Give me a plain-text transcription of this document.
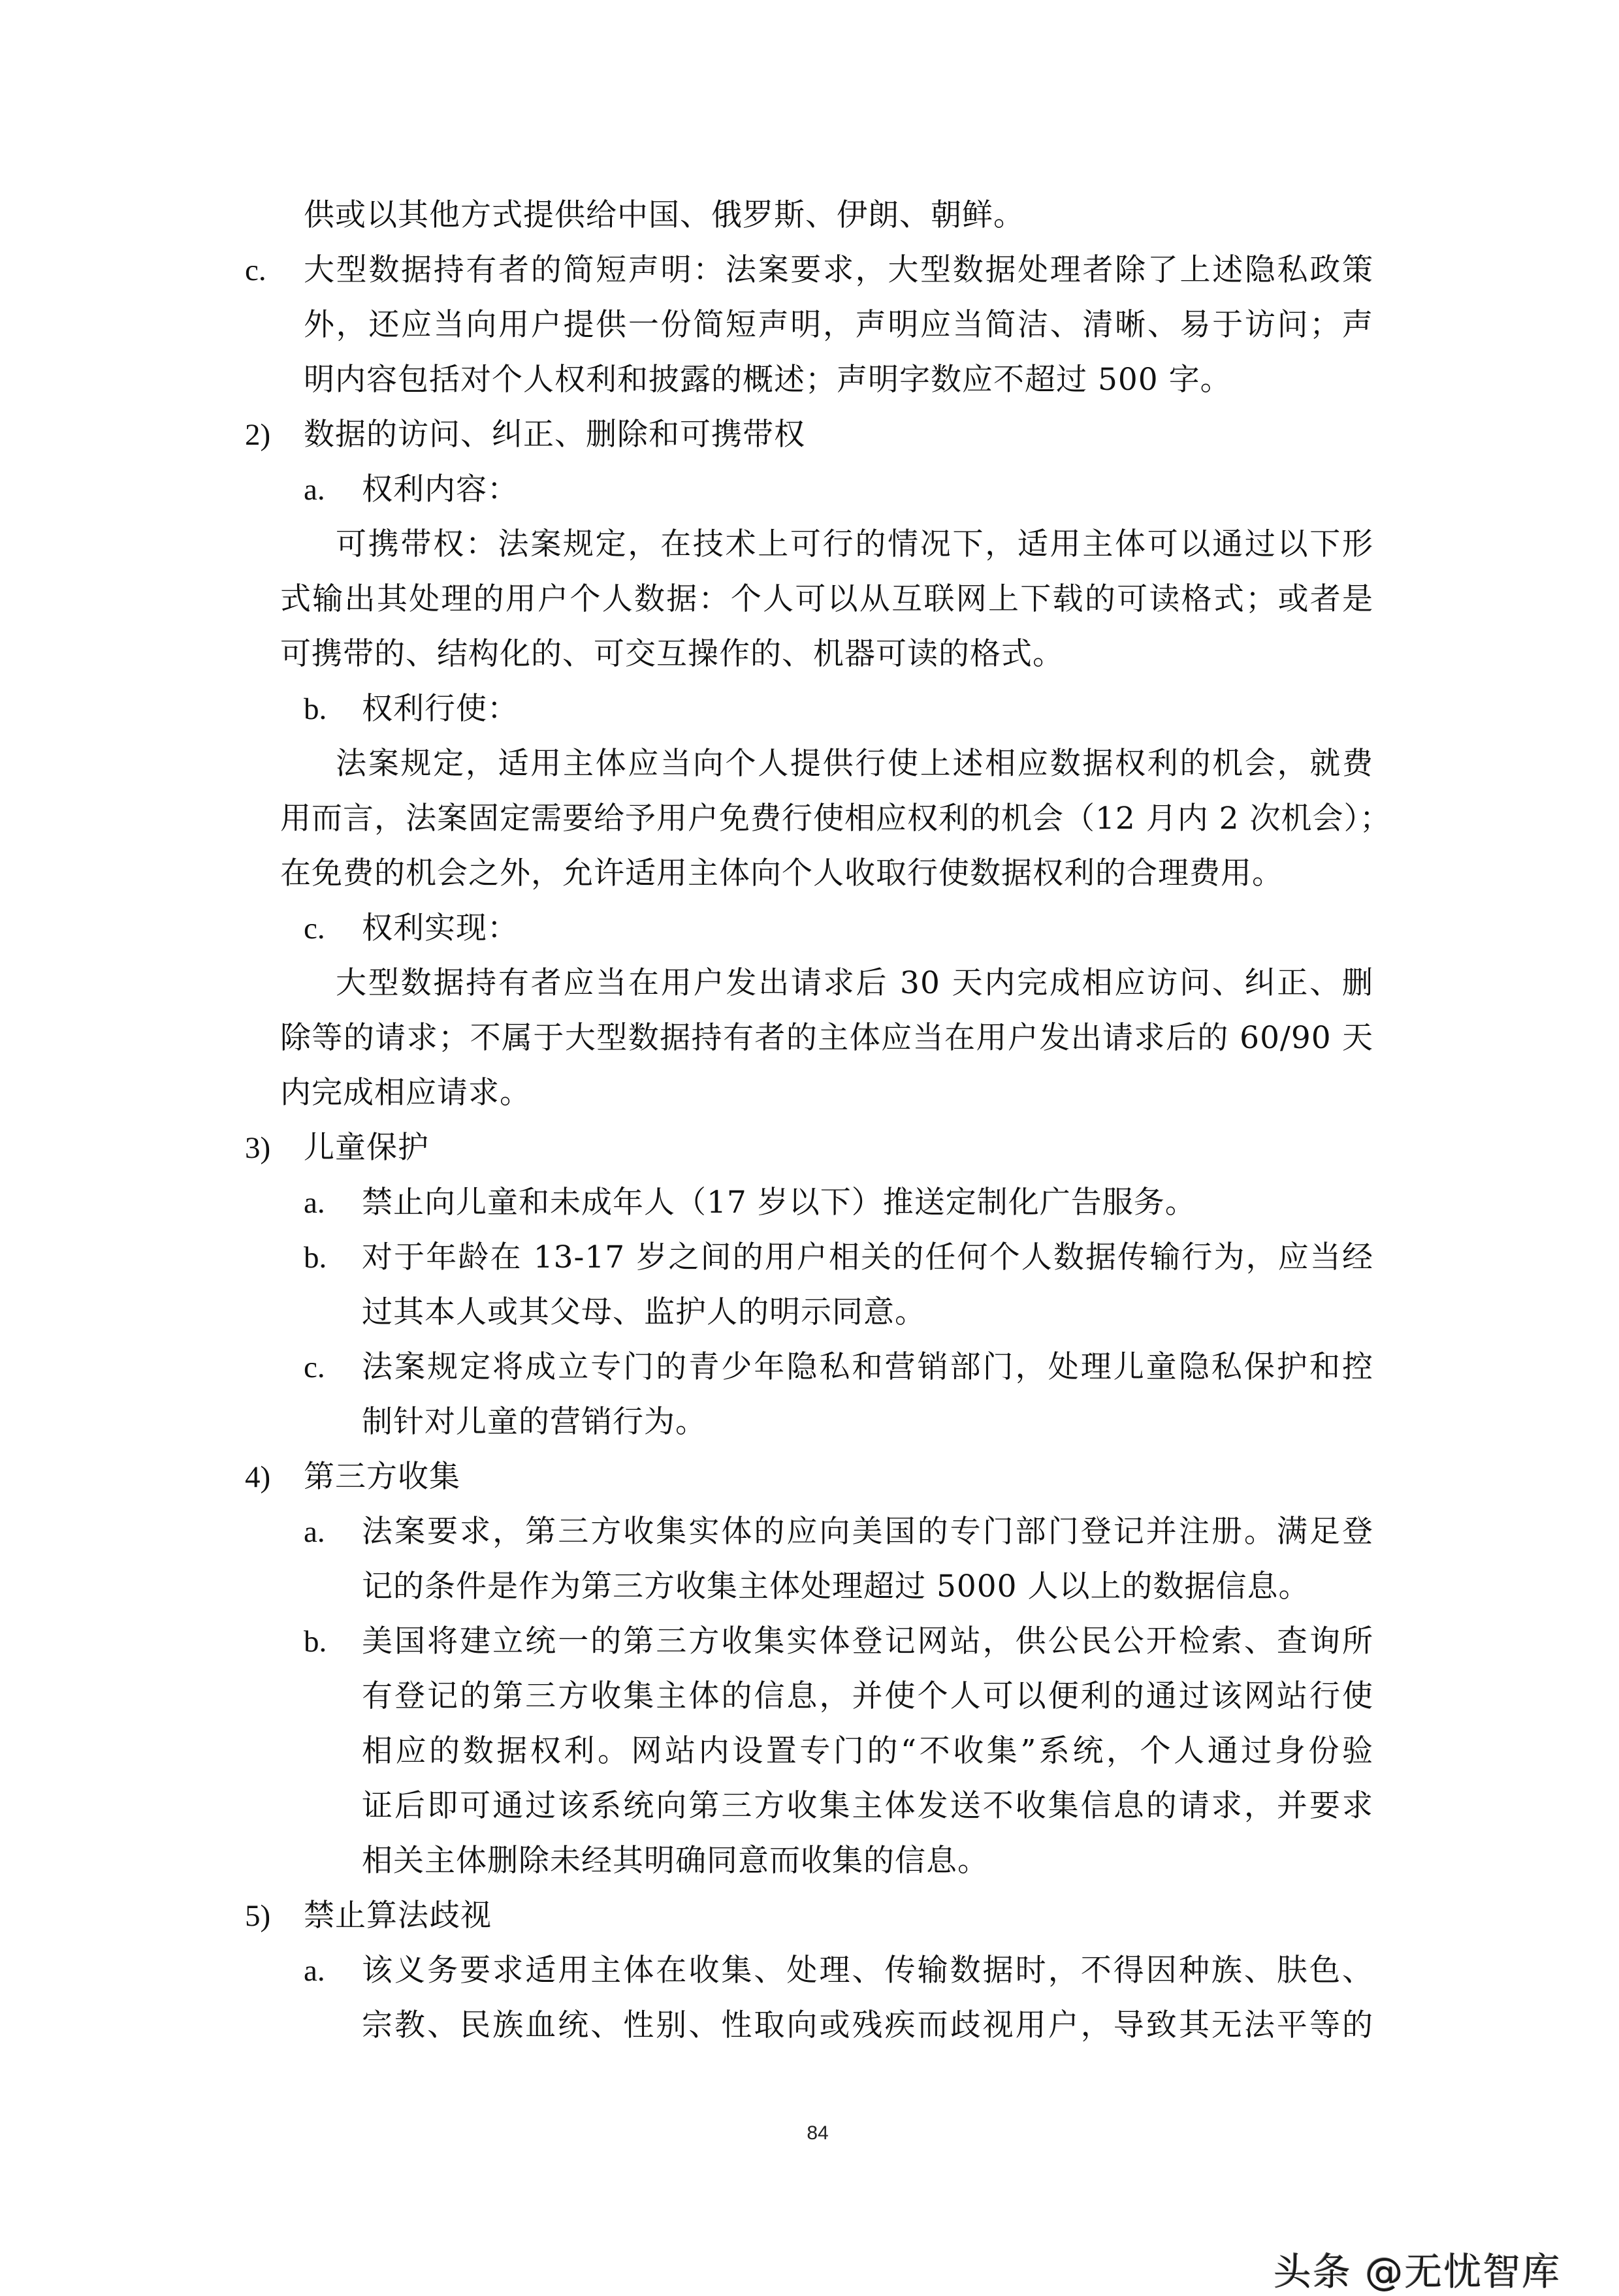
供或以其他方式提供给中国、俄罗斯、伊朗、朝鲜。
c. 大型数据持有者的简短声明：法案要求，大型数据处理者除了上述隐私政策
外，还应当向用户提供一份简短声明，声明应当简洁、清晰、易于访问；声
明内容包括对个人权利和披露的概述；声明字数应不超过 500 字。
2) 数据的访问、纠正、删除和可携带权
a. 权利内容：
可携带权：法案规定，在技术上可行的情况下，适用主体可以通过以下形
式输出其处理的用户个人数据：个人可以从互联网上下载的可读格式；或者是
可携带的、结构化的、可交互操作的、机器可读的格式。
b. 权利行使：
法案规定，适用主体应当向个人提供行使上述相应数据权利的机会，就费
用而言，法案固定需要给予用户免费行使相应权利的机会（12 月内 2 次机会）；
在免费的机会之外，允许适用主体向个人收取行使数据权利的合理费用。
c. 权利实现：
大型数据持有者应当在用户发出请求后 30 天内完成相应访问、纠正、删
除等的请求；不属于大型数据持有者的主体应当在用户发出请求后的 60/90 天
内完成相应请求。
3) 儿童保护
a. 禁止向儿童和未成年人（17 岁以下）推送定制化广告服务。
b. 对于年龄在 13-17 岁之间的用户相关的任何个人数据传输行为，应当经
过其本人或其父母、监护人的明示同意。
c. 法案规定将成立专门的青少年隐私和营销部门，处理儿童隐私保护和控
制针对儿童的营销行为。
4) 第三方收集
a. 法案要求，第三方收集实体的应向美国的专门部门登记并注册。满足登
记的条件是作为第三方收集主体处理超过 5000 人以上的数据信息。
b. 美国将建立统一的第三方收集实体登记网站，供公民公开检索、查询所
有登记的第三方收集主体的信息，并使个人可以便利的通过该网站行使
相应的数据权利。网站内设置专门的“不收集”系统，个人通过身份验
证后即可通过该系统向第三方收集主体发送不收集信息的请求，并要求
相关主体删除未经其明确同意而收集的信息。
5) 禁止算法歧视
a. 该义务要求适用主体在收集、处理、传输数据时，不得因种族、肤色、
宗教、民族血统、性别、性取向或残疾而歧视用户，导致其无法平等的
84
头条 @无忧智库
